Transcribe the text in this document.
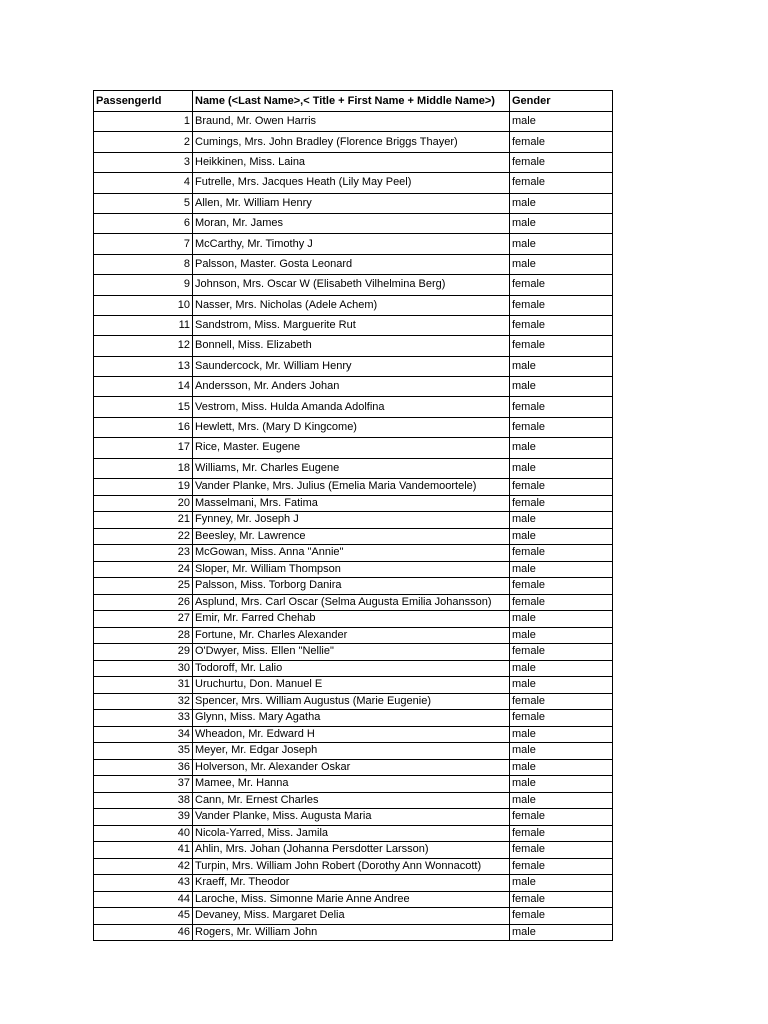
PassengerId	Name (<Last Name>,< Title + First Name + Middle Name>)	Gender
1	Braund, Mr. Owen Harris	male
2	Cumings, Mrs. John Bradley (Florence Briggs Thayer)	female
3	Heikkinen, Miss. Laina	female
4	Futrelle, Mrs. Jacques Heath (Lily May Peel)	female
5	Allen, Mr. William Henry	male
6	Moran, Mr. James	male
7	McCarthy, Mr. Timothy J	male
8	Palsson, Master. Gosta Leonard	male
9	Johnson, Mrs. Oscar W (Elisabeth Vilhelmina Berg)	female
10	Nasser, Mrs. Nicholas (Adele Achem)	female
11	Sandstrom, Miss. Marguerite Rut	female
12	Bonnell, Miss. Elizabeth	female
13	Saundercock, Mr. William Henry	male
14	Andersson, Mr. Anders Johan	male
15	Vestrom, Miss. Hulda Amanda Adolfina	female
16	Hewlett, Mrs. (Mary D Kingcome)	female
17	Rice, Master. Eugene	male
18	Williams, Mr. Charles Eugene	male
19	Vander Planke, Mrs. Julius (Emelia Maria Vandemoortele)	female
20	Masselmani, Mrs. Fatima	female
21	Fynney, Mr. Joseph J	male
22	Beesley, Mr. Lawrence	male
23	McGowan, Miss. Anna "Annie"	female
24	Sloper, Mr. William Thompson	male
25	Palsson, Miss. Torborg Danira	female
26	Asplund, Mrs. Carl Oscar (Selma Augusta Emilia Johansson)	female
27	Emir, Mr. Farred Chehab	male
28	Fortune, Mr. Charles Alexander	male
29	O'Dwyer, Miss. Ellen "Nellie"	female
30	Todoroff, Mr. Lalio	male
31	Uruchurtu, Don. Manuel E	male
32	Spencer, Mrs. William Augustus (Marie Eugenie)	female
33	Glynn, Miss. Mary Agatha	female
34	Wheadon, Mr. Edward H	male
35	Meyer, Mr. Edgar Joseph	male
36	Holverson, Mr. Alexander Oskar	male
37	Mamee, Mr. Hanna	male
38	Cann, Mr. Ernest Charles	male
39	Vander Planke, Miss. Augusta Maria	female
40	Nicola-Yarred, Miss. Jamila	female
41	Ahlin, Mrs. Johan (Johanna Persdotter Larsson)	female
42	Turpin, Mrs. William John Robert (Dorothy Ann Wonnacott)	female
43	Kraeff, Mr. Theodor	male
44	Laroche, Miss. Simonne Marie Anne Andree	female
45	Devaney, Miss. Margaret Delia	female
46	Rogers, Mr. William John	male
